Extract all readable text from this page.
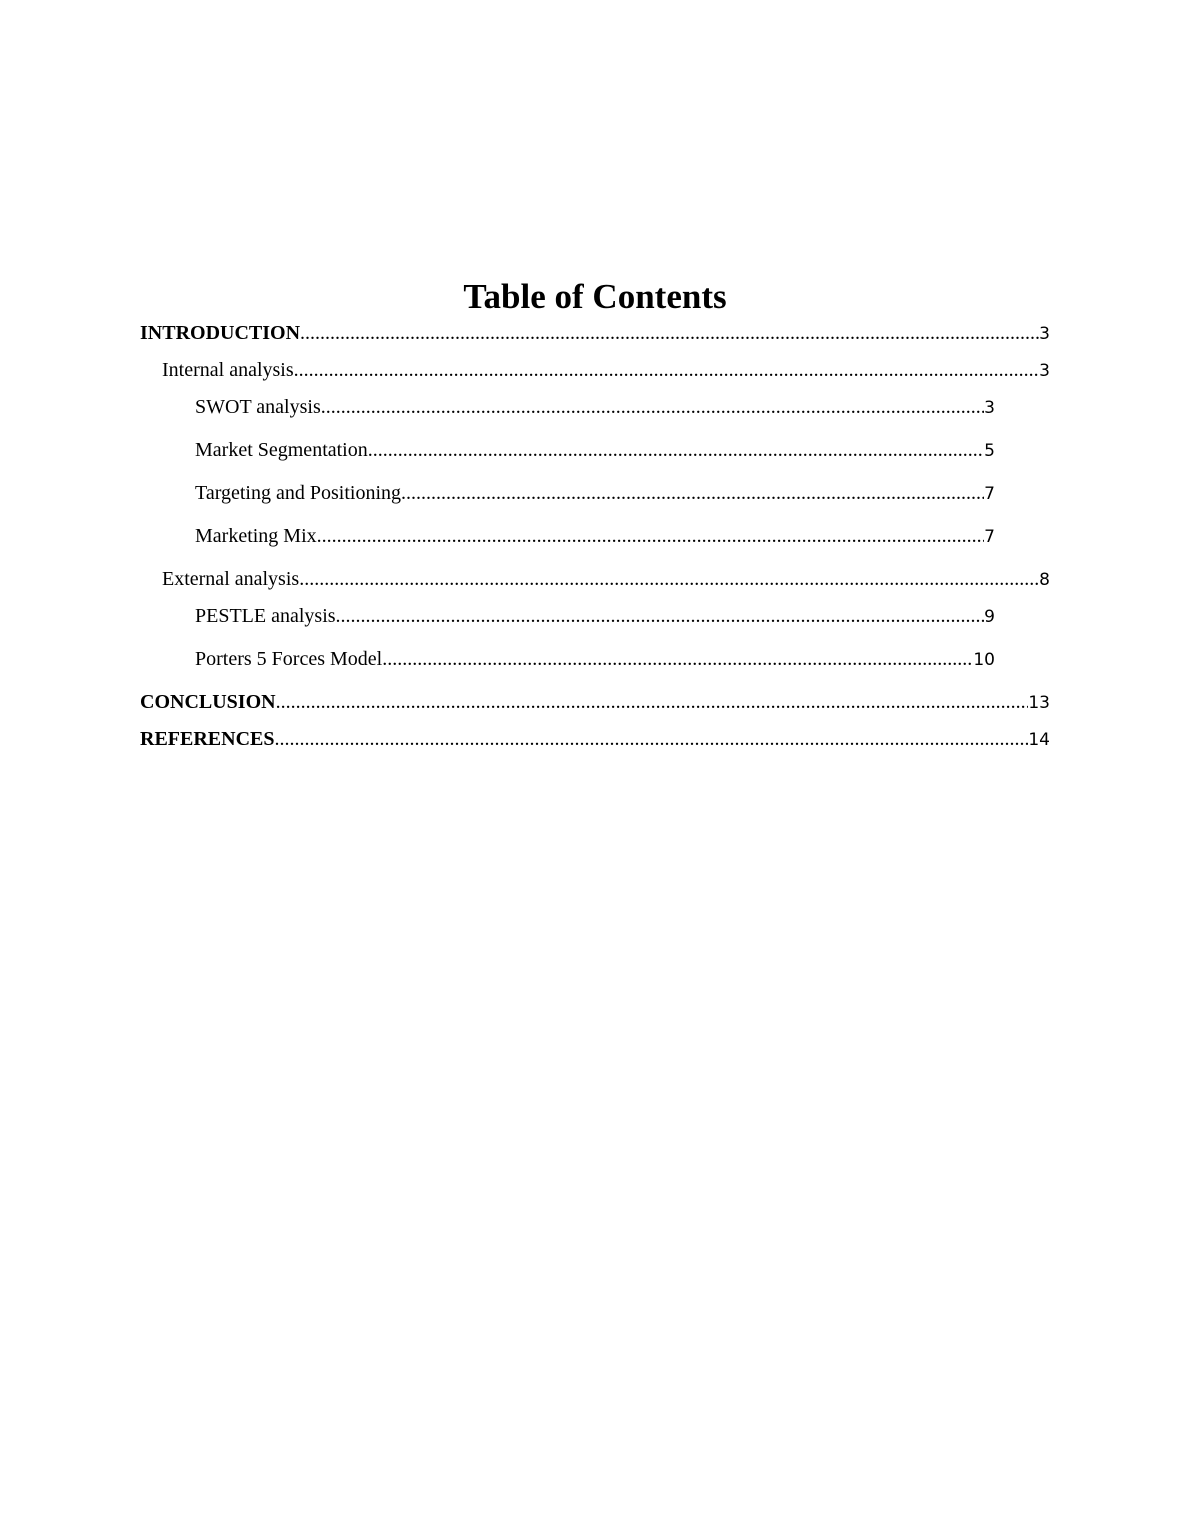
Table of Contents
INTRODUCTION .....	3
Internal analysis .....	3
SWOT analysis .....	3
Market Segmentation .....	5
Targeting and Positioning .....	7
Marketing Mix .....	7
External analysis .....	8
PESTLE analysis .....	9
Porters 5 Forces Model .....	10
CONCLUSION .....	13
REFERENCES .....	14
